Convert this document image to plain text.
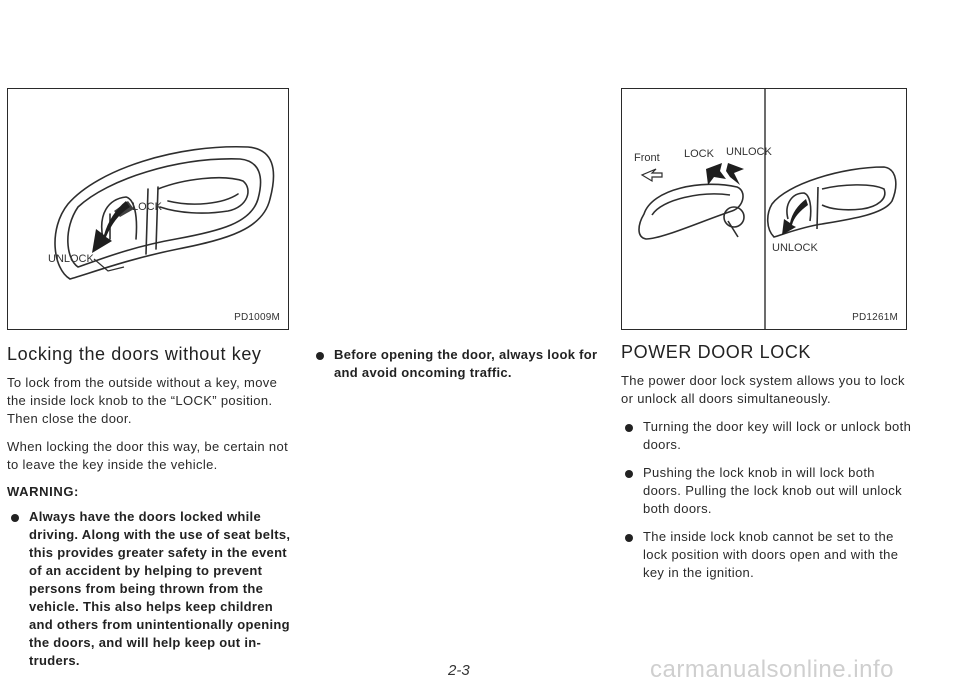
LOCK
UNLOCK
PD1009M
Front LOCK UNLOCK
UNLOCK
PD1261M
Locking the doors without key

To lock from the outside without a key, move the inside lock knob to the “LOCK” position. Then close the door.

When locking the door this way, be certain not to leave the key inside the vehicle.

WARNING:

Always have the doors locked while driving. Along with the use of seat belts, this provides greater safety in the event of an accident by helping to prevent persons from being thrown from the vehicle. This also helps keep children and others from unintentionally opening the doors, and will help keep out in-truders.

Before opening the door, always look for and avoid oncoming traffic.

POWER DOOR LOCK

The power door lock system allows you to lock or unlock all doors simultaneously.

Turning the door key will lock or unlock both doors.

Pushing the lock knob in will lock both doors. Pulling the lock knob out will unlock both doors.

The inside lock knob cannot be set to the lock position with doors open and with the key in the ignition.

2-3	carmanualsonline.info
